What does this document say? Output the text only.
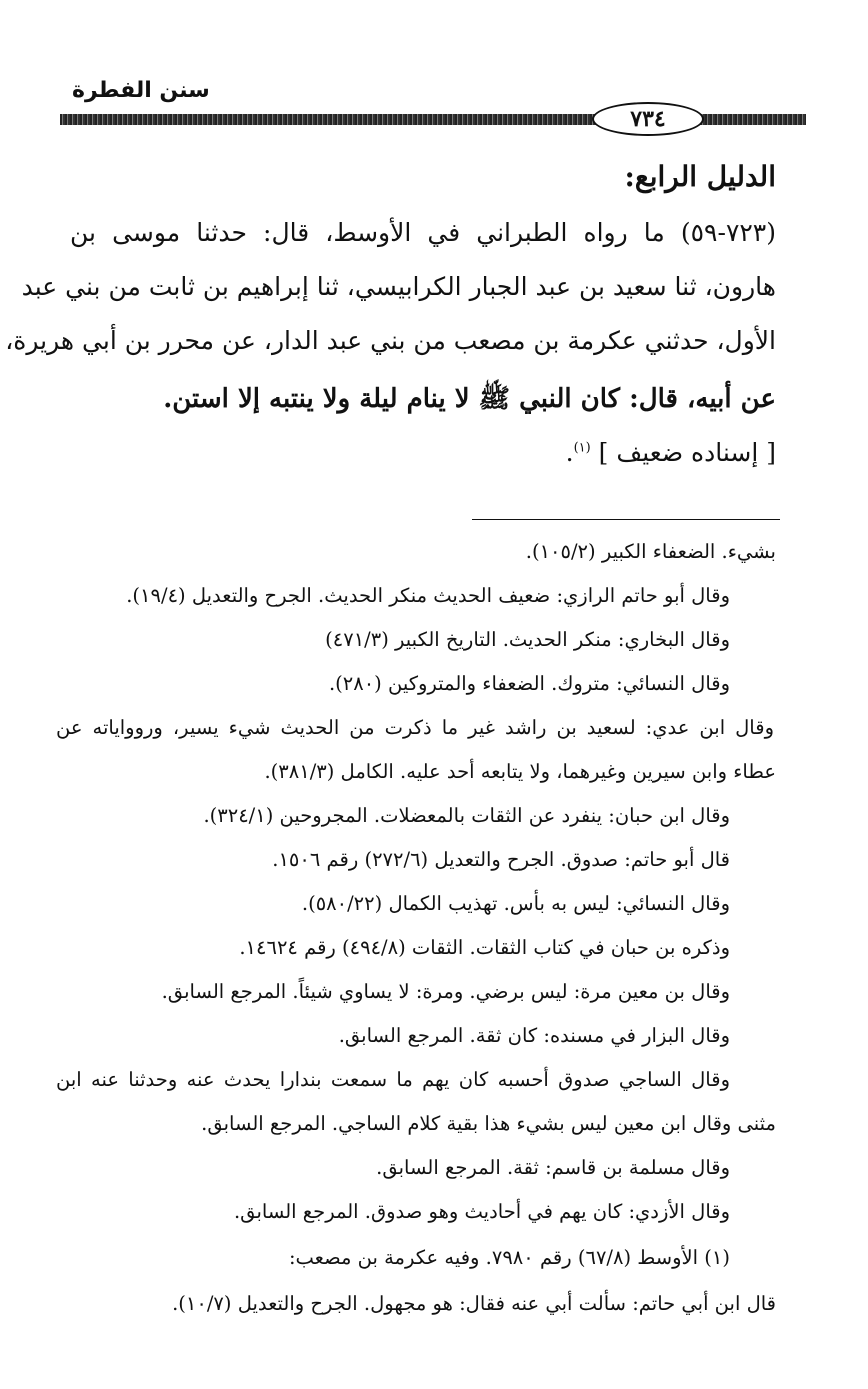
سنن الفطرة
٧٣٤
الدليل الرابع:
(٧٢٣-٥٩) ما رواه الطبراني في الأوسط، قال: حدثنا موسى بن
هارون، ثنا سعيد بن عبد الجبار الكرابيسي، ثنا إبراهيم بن ثابت من بني عبد
الأول، حدثني عكرمة بن مصعب من بني عبد الدار، عن محرر بن أبي هريرة،
عن أبيه، قال: كان النبي ﷺ لا ينام ليلة ولا ينتبه إلا استن.
[ إسناده ضعيف ] $^{(١)}$.
بشيء. الضعفاء الكبير (١٠٥/٢).
وقال أبو حاتم الرازي: ضعيف الحديث منكر الحديث. الجرح والتعديل (١٩/٤).
وقال البخاري: منكر الحديث. التاريخ الكبير (٤٧١/٣)
وقال النسائي: متروك. الضعفاء والمتروكين (٢٨٠).
وقال ابن عدي: لسعيد بن راشد غير ما ذكرت من الحديث شيء يسير، وروواياته عن
عطاء وابن سيرين وغيرهما، ولا يتابعه أحد عليه. الكامل (٣٨١/٣).
وقال ابن حبان: ينفرد عن الثقات بالمعضلات. المجروحين (٣٢٤/١).
قال أبو حاتم: صدوق. الجرح والتعديل (٢٧٢/٦) رقم ١٥٠٦.
وقال النسائي: ليس به بأس. تهذيب الكمال (٥٨٠/٢٢).
وذكره بن حبان في كتاب الثقات. الثقات (٤٩٤/٨) رقم ١٤٦٢٤.
وقال بن معين مرة: ليس برضي. ومرة: لا يساوي شيئاً. المرجع السابق.
وقال البزار في مسنده: كان ثقة. المرجع السابق.
وقال الساجي صدوق أحسبه كان يهم ما سمعت بندارا يحدث عنه وحدثنا عنه ابن
مثنى وقال ابن معين ليس بشيء هذا بقية كلام الساجي. المرجع السابق.
وقال مسلمة بن قاسم: ثقة. المرجع السابق.
وقال الأزدي: كان يهم في أحاديث وهو صدوق. المرجع السابق.
(١) الأوسط (٦٧/٨) رقم ٧٩٨٠. وفيه عكرمة بن مصعب:
قال ابن أبي حاتم: سألت أبي عنه فقال: هو مجهول. الجرح والتعديل (١٠/٧).
